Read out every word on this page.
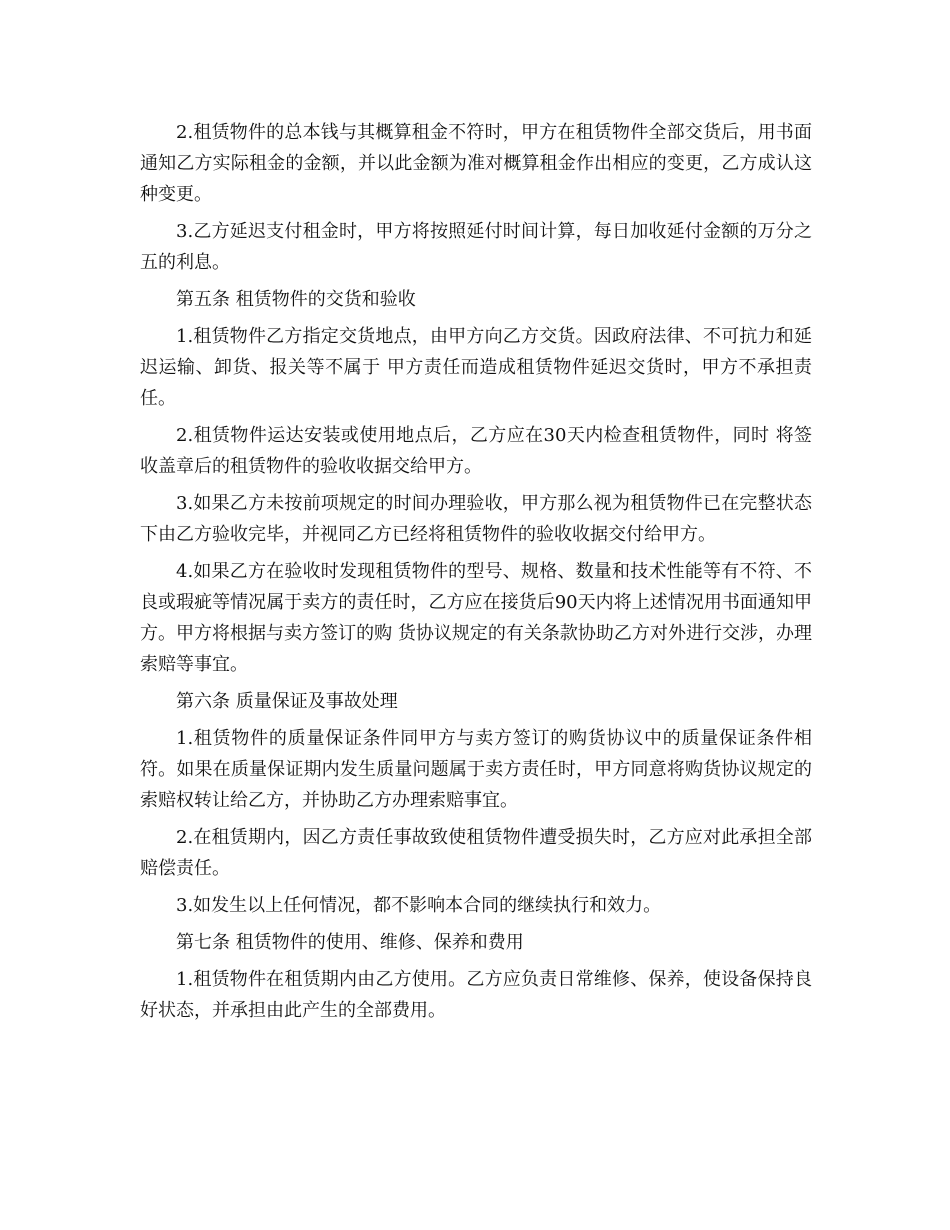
2.租赁物件的总本钱与其概算租金不符时，甲方在租赁物件全部交货后，用书面通知乙方实际租金的金额，并以此金额为准对概算租金作出相应的变更，乙方成认这种变更。

3.乙方延迟支付租金时，甲方将按照延付时间计算，每日加收延付金额的万分之五的利息。

第五条 租赁物件的交货和验收

1.租赁物件乙方指定交货地点，由甲方向乙方交货。因政府法律、不可抗力和延迟运输、卸货、报关等不属于 甲方责任而造成租赁物件延迟交货时，甲方不承担责任。

2.租赁物件运达安装或使用地点后，乙方应在30天内检查租赁物件，同时 将签收盖章后的租赁物件的验收收据交给甲方。

3.如果乙方未按前项规定的时间办理验收，甲方那么视为租赁物件已在完整状态下由乙方验收完毕，并视同乙方已经将租赁物件的验收收据交付给甲方。

4.如果乙方在验收时发现租赁物件的型号、规格、数量和技术性能等有不符、不良或瑕疵等情况属于卖方的责任时，乙方应在接货后90天内将上述情况用书面通知甲方。甲方将根据与卖方签订的购 货协议规定的有关条款协助乙方对外进行交涉，办理索赔等事宜。

第六条 质量保证及事故处理

1.租赁物件的质量保证条件同甲方与卖方签订的购货协议中的质量保证条件相符。如果在质量保证期内发生质量问题属于卖方责任时，甲方同意将购货协议规定的索赔权转让给乙方，并协助乙方办理索赔事宜。

2.在租赁期内，因乙方责任事故致使租赁物件遭受损失时，乙方应对此承担全部赔偿责任。

3.如发生以上任何情况，都不影响本合同的继续执行和效力。

第七条 租赁物件的使用、维修、保养和费用

1.租赁物件在租赁期内由乙方使用。乙方应负责日常维修、保养，使设备保持良好状态，并承担由此产生的全部费用。
